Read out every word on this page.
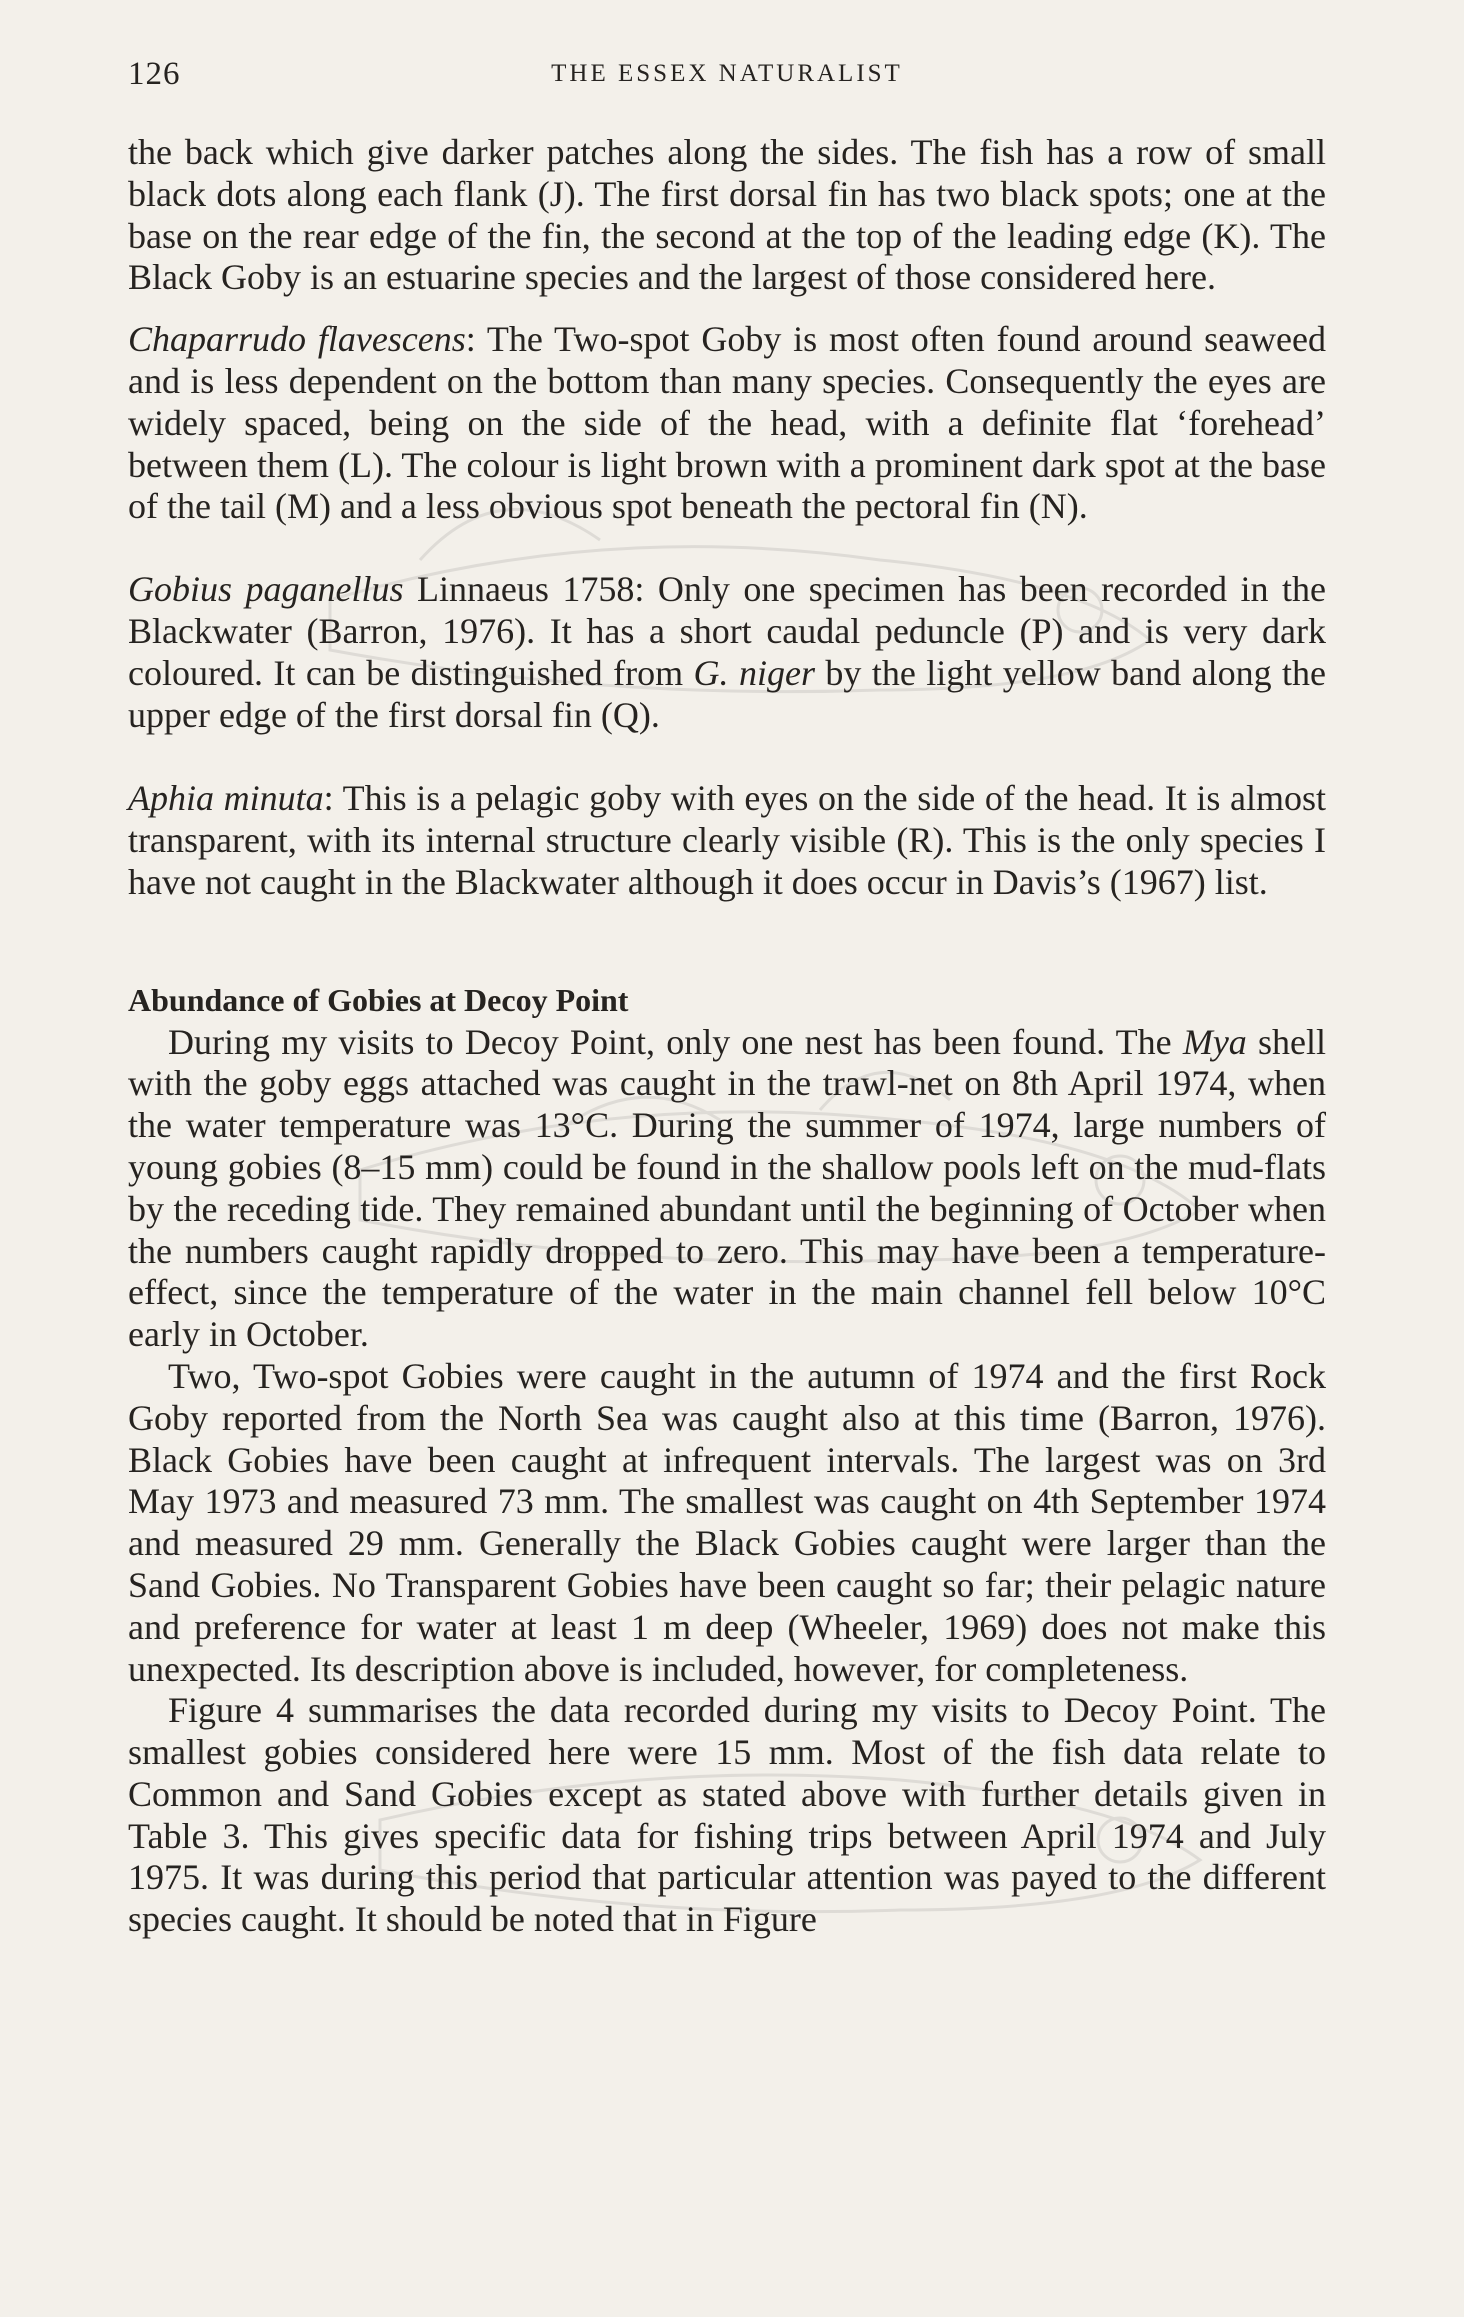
126	THE ESSEX NATURALIST

the back which give darker patches along the sides. The fish has a row of small black dots along each flank (J). The first dorsal fin has two black spots; one at the base on the rear edge of the fin, the second at the top of the leading edge (K). The Black Goby is an estuarine species and the largest of those considered here.

Chaparrudo flavescens: The Two-spot Goby is most often found around seaweed and is less dependent on the bottom than many species. Consequently the eyes are widely spaced, being on the side of the head, with a definite flat ‘forehead’ between them (L). The colour is light brown with a prominent dark spot at the base of the tail (M) and a less obvious spot beneath the pectoral fin (N).

Gobius paganellus Linnaeus 1758: Only one specimen has been recorded in the Blackwater (Barron, 1976). It has a short caudal peduncle (P) and is very dark coloured. It can be distinguished from G. niger by the light yellow band along the upper edge of the first dorsal fin (Q).

Aphia minuta: This is a pelagic goby with eyes on the side of the head. It is almost transparent, with its internal structure clearly visible (R). This is the only species I have not caught in the Blackwater although it does occur in Davis’s (1967) list.

Abundance of Gobies at Decoy Point

During my visits to Decoy Point, only one nest has been found. The Mya shell with the goby eggs attached was caught in the trawl-net on 8th April 1974, when the water temperature was 13°C. During the summer of 1974, large numbers of young gobies (8–15 mm) could be found in the shallow pools left on the mud-flats by the receding tide. They remained abundant until the beginning of October when the numbers caught rapidly dropped to zero. This may have been a temperature-effect, since the temperature of the water in the main channel fell below 10°C early in October.

Two, Two-spot Gobies were caught in the autumn of 1974 and the first Rock Goby reported from the North Sea was caught also at this time (Barron, 1976). Black Gobies have been caught at infrequent intervals. The largest was on 3rd May 1973 and measured 73 mm. The smallest was caught on 4th September 1974 and measured 29 mm. Generally the Black Gobies caught were larger than the Sand Gobies. No Transparent Gobies have been caught so far; their pelagic nature and preference for water at least 1 m deep (Wheeler, 1969) does not make this unexpected. Its description above is included, however, for completeness.

Figure 4 summarises the data recorded during my visits to Decoy Point. The smallest gobies considered here were 15 mm. Most of the fish data relate to Common and Sand Gobies except as stated above with further details given in Table 3. This gives specific data for fishing trips between April 1974 and July 1975. It was during this period that particular attention was payed to the different species caught. It should be noted that in Figure
